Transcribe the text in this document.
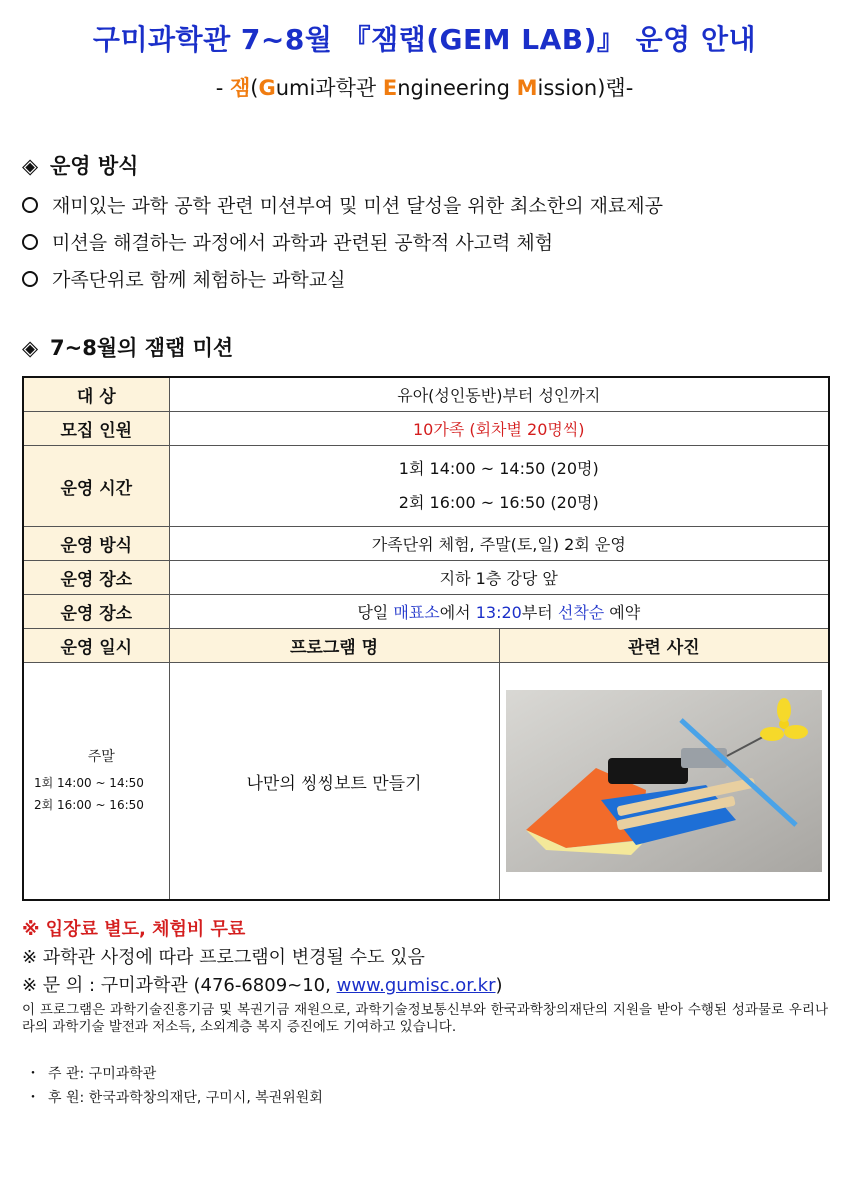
구미과학관 7~8월 『잼랩(GEM LAB)』 운영 안내
- 잼(Gumi과학관 Engineering Mission)랩-
◈ 운영 방식
재미있는 과학 공학 관련 미션부여 및 미션 달성을 위한 최소한의 재료제공
미션을 해결하는 과정에서 과학과 관련된 공학적 사고력 체험
가족단위로 함께 체험하는 과학교실
◈ 7~8월의 잼랩 미션
대 상	유아(성인동반)부터 성인까지	
모집 인원	10가족 (회차별 20명씩)	
운영 시간	1회 14:00 ~ 14:50 (20명)
2회 16:00 ~ 16:50 (20명)	

운영 방식	가족단위 체험, 주말(토,일) 2회 운영	
운영 장소	지하 1층 강당 앞	
운영 장소	당일 매표소에서 13:20부터 선착순 예약	
운영 일시	프로그램 명	관련 사진

주말
1회 14:00 ~ 14:50
2회 16:00 ~ 16:50	나만의 씽씽보트 만들기	
※ 입장료 별도, 체험비 무료
※ 과학관 사정에 따라 프로그램이 변경될 수도 있음
※ 문 의 : 구미과학관 (476-6809~10, www.gumisc.or.kr)
이 프로그램은 과학기술진흥기금 및 복권기금 재원으로, 과학기술정보통신부와 한국과학창의재단의 지원을 받아 수행된 성과물로 우리나라의 과학기술 발전과 저소득, 소외계층 복지 증진에도 기여하고 있습니다.
・ 주 관: 구미과학관
・ 후 원: 한국과학창의재단, 구미시, 복권위원회
